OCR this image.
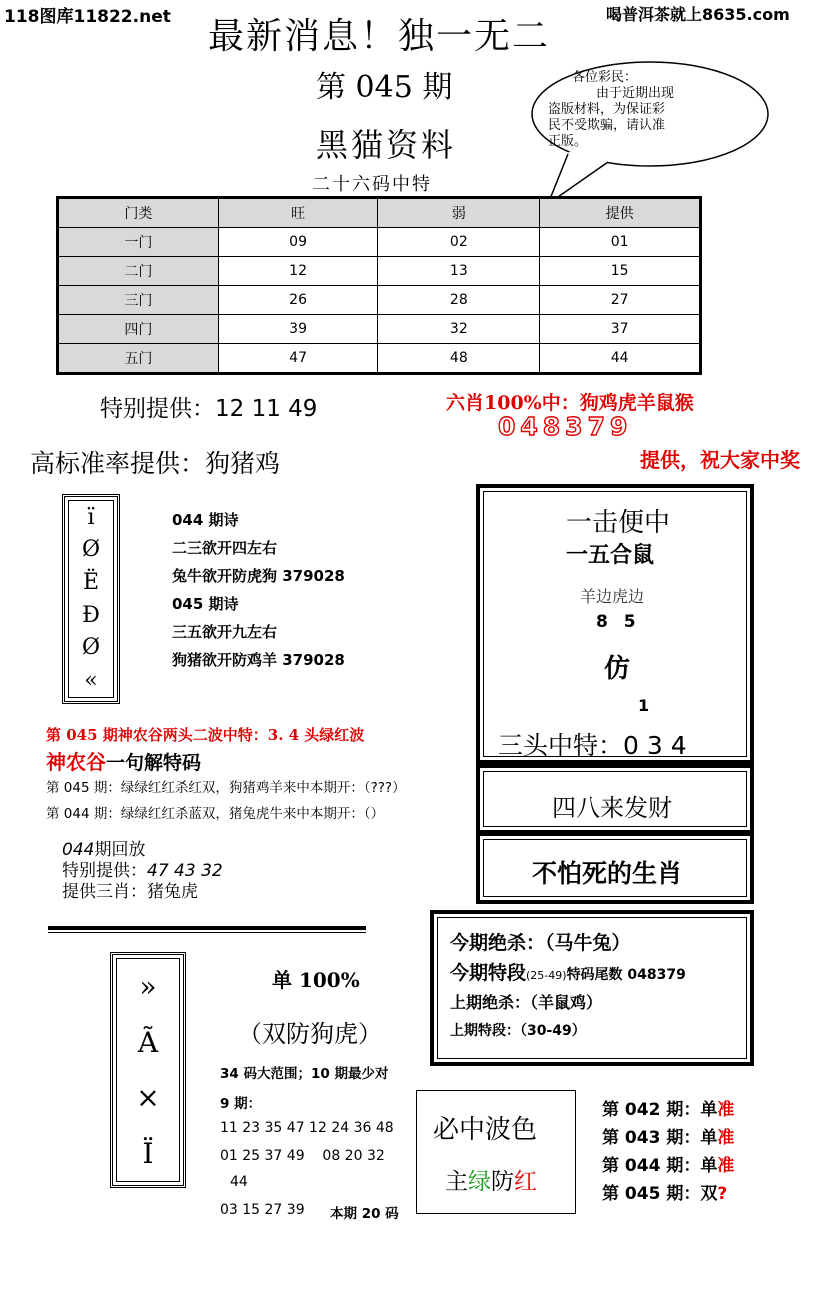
118图库11822.net	喝普洱茶就上8635.com
最新消息！独一无二
第 045 期
黑猫资料
二十六码中特
各位彩民：
由于近期出现
盗版材料，为保证彩
民不受欺骗，请认准
正版。
门类	旺	弱	提供
一门	09	02	01
二门	12	13	15
三门	26	28	27
四门	39	32	37
五门	47	48	44
特别提供：12 11 49
高标准率提供：狗猪鸡
六肖100%中：狗鸡虎羊鼠猴
048379
提供，祝大家中奖
ï
Ø
Ë
Ð
Ø
«
044 期诗
二三欲开四左右
兔牛欲开防虎狗 379028
045 期诗
三五欲开九左右
狗猪欲开防鸡羊 379028
一击便中
一五合鼠
羊边虎边
8 5
仿
1
三头中特：0 3 4
四八来发财
不怕死的生肖
第 045 期神农谷两头二波中特：3. 4 头绿红波
神农谷一句解特码
第 045 期：绿绿红红杀红双，狗猪鸡羊来中本期开：（???）
第 044 期：绿绿红红杀蓝双，猪兔虎牛来中本期开：（）
044期回放
特别提供：47 43 32
提供三肖：猪兔虎
»
Ã
×
Ï
单 100%
（双防狗虎）
34 码大范围；10 期最少对
9 期：
11 23 35 47 12 24 36 48
01 25 37 49    08 20 32
44
03 15 27 39 本期 20 码
今期绝杀：（马牛兔）
今期特段(25-49)特码尾数 048379
上期绝杀：（羊鼠鸡）
上期特段：（30-49）
必中波色
主绿防红
第 042 期：单准
第 043 期：单准
第 044 期：单准
第 045 期：双?
